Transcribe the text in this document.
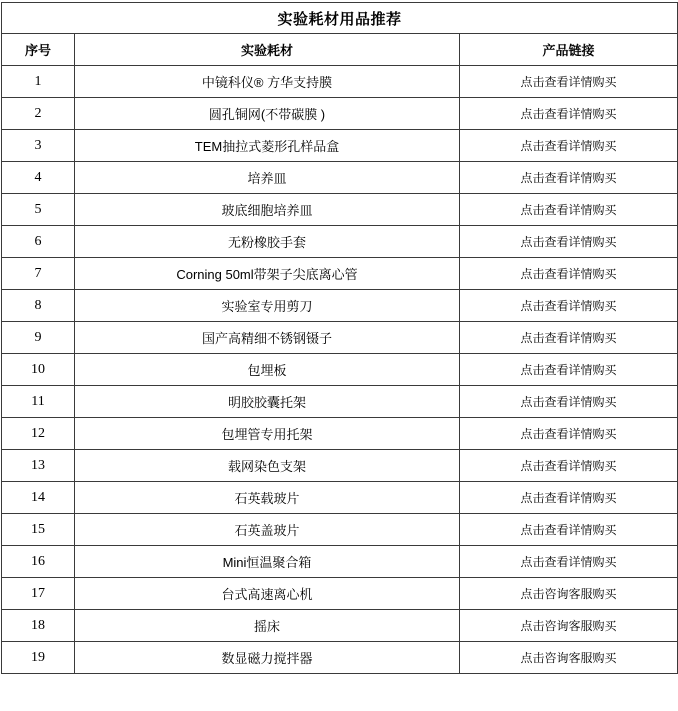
实验耗材用品推荐		
序号	实验耗材	产品链接
1	中镜科仪® 方华支持膜	点击查看详情购买
2	圆孔铜网(不带碳膜 )	点击查看详情购买
3	TEM抽拉式菱形孔样品盒	点击查看详情购买
4	培养皿	点击查看详情购买
5	玻底细胞培养皿	点击查看详情购买
6	无粉橡胶手套	点击查看详情购买
7	Corning 50ml带架子尖底离心管	点击查看详情购买
8	实验室专用剪刀	点击查看详情购买
9	国产高精细不锈钢镊子	点击查看详情购买
10	包埋板	点击查看详情购买
11	明胶胶囊托架	点击查看详情购买
12	包埋管专用托架	点击查看详情购买
13	载网染色支架	点击查看详情购买
14	石英载玻片	点击查看详情购买
15	石英盖玻片	点击查看详情购买
16	Mini恒温聚合箱	点击查看详情购买
17	台式高速离心机	点击咨询客服购买
18	摇床	点击咨询客服购买
19	数显磁力搅拌器	点击咨询客服购买
